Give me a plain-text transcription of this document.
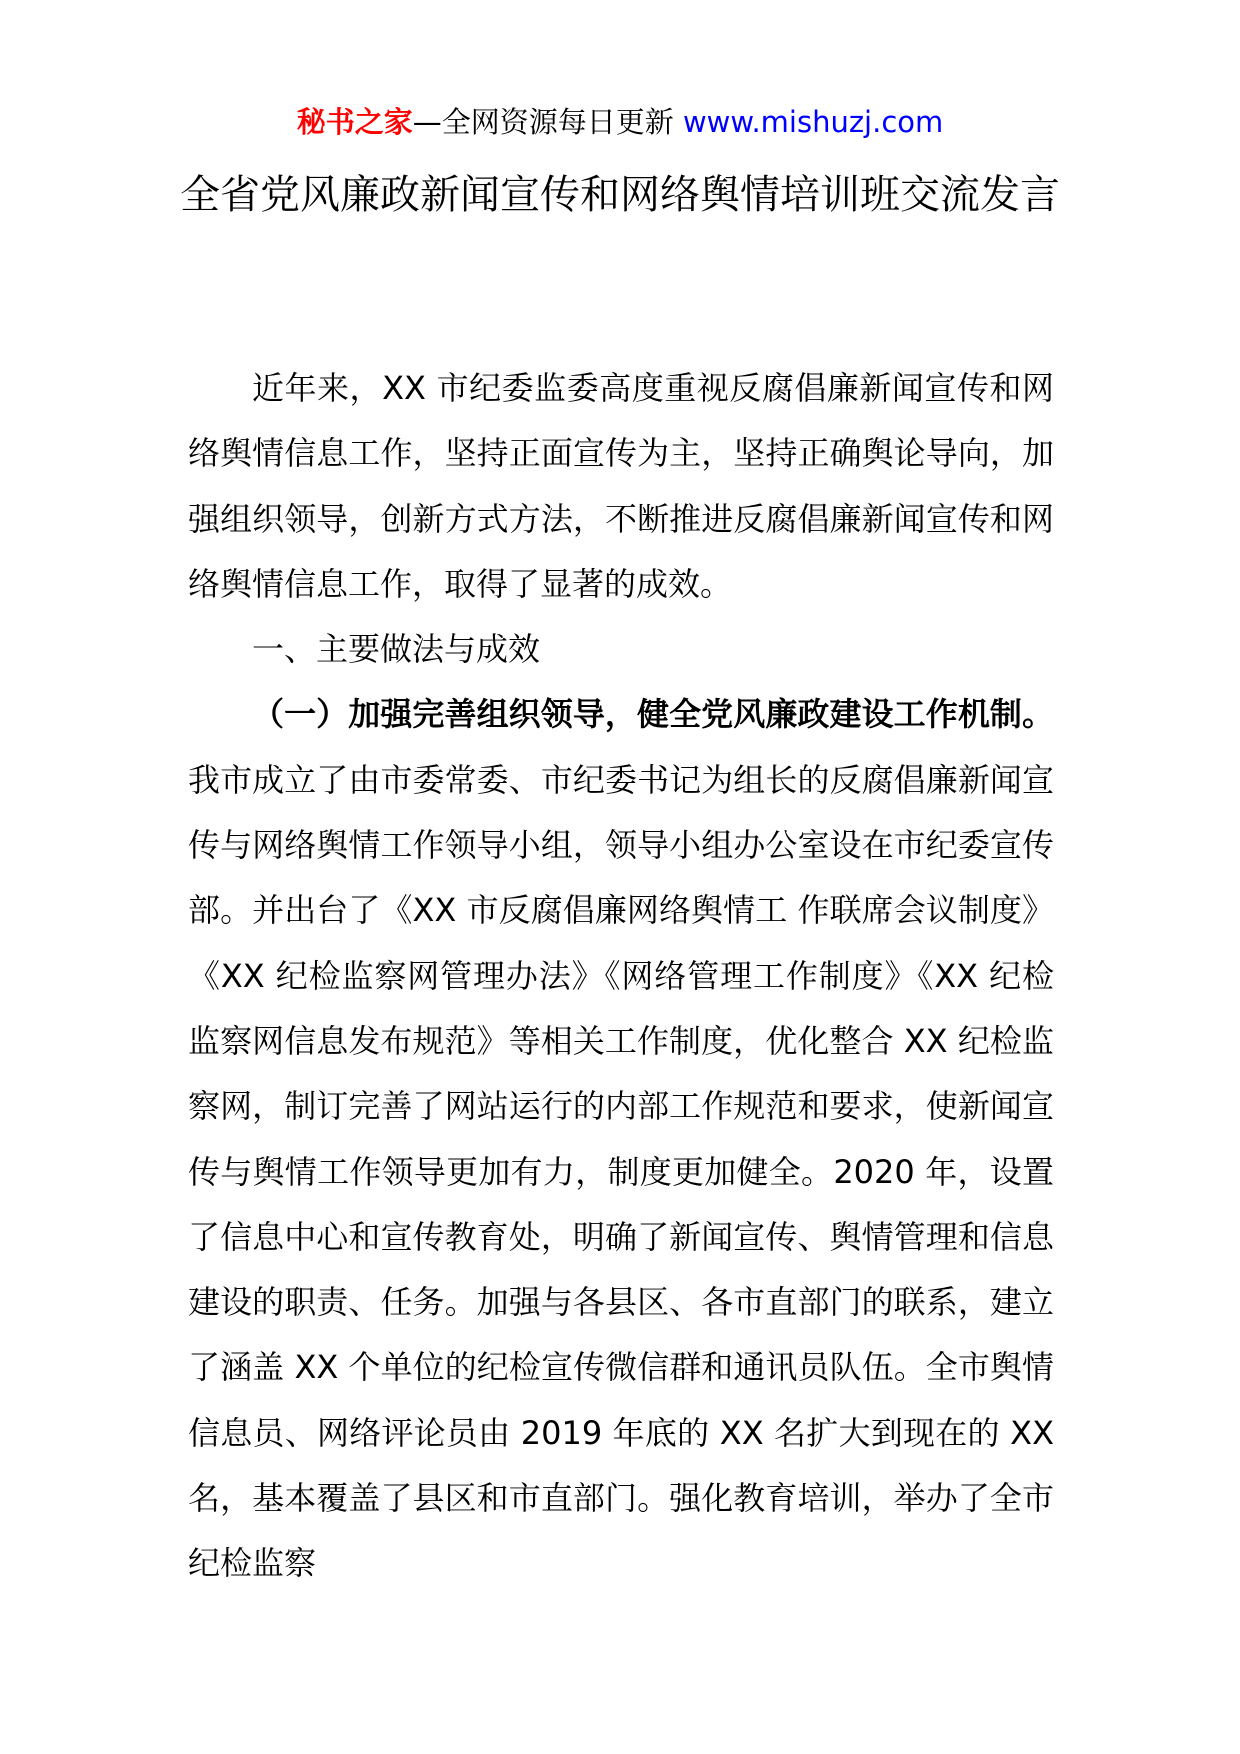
秘书之家—全网资源每日更新 www.mishuzj.com
全省党风廉政新闻宣传和网络舆情培训班交流发言

近年来，XX 市纪委监委高度重视反腐倡廉新闻宣传和网络舆情信息工作，坚持正面宣传为主，坚持正确舆论导向，加强组织领导，创新方式方法，不断推进反腐倡廉新闻宣传和网络舆情信息工作，取得了显著的成效。

一、主要做法与成效

（一）加强完善组织领导，健全党风廉政建设工作机制。我市成立了由市委常委、市纪委书记为组长的反腐倡廉新闻宣传与网络舆情工作领导小组，领导小组办公室设在市纪委宣传部。并出台了《XX 市反腐倡廉网络舆情工 作联席会议制度》《XX 纪检监察网管理办法》《网络管理工作制度》《XX 纪检监察网信息发布规范》等相关工作制度，优化整合 XX 纪检监察网，制订完善了网站运行的内部工作规范和要求，使新闻宣传与舆情工作领导更加有力，制度更加健全。2020 年，设置了信息中心和宣传教育处，明确了新闻宣传、舆情管理和信息建设的职责、任务。加强与各县区、各市直部门的联系，建立了涵盖 XX 个单位的纪检宣传微信群和通讯员队伍。全市舆情信息员、网络评论员由 2019 年底的 XX 名扩大到现在的 XX 名，基本覆盖了县区和市直部门。强化教育培训，举办了全市纪检监察
